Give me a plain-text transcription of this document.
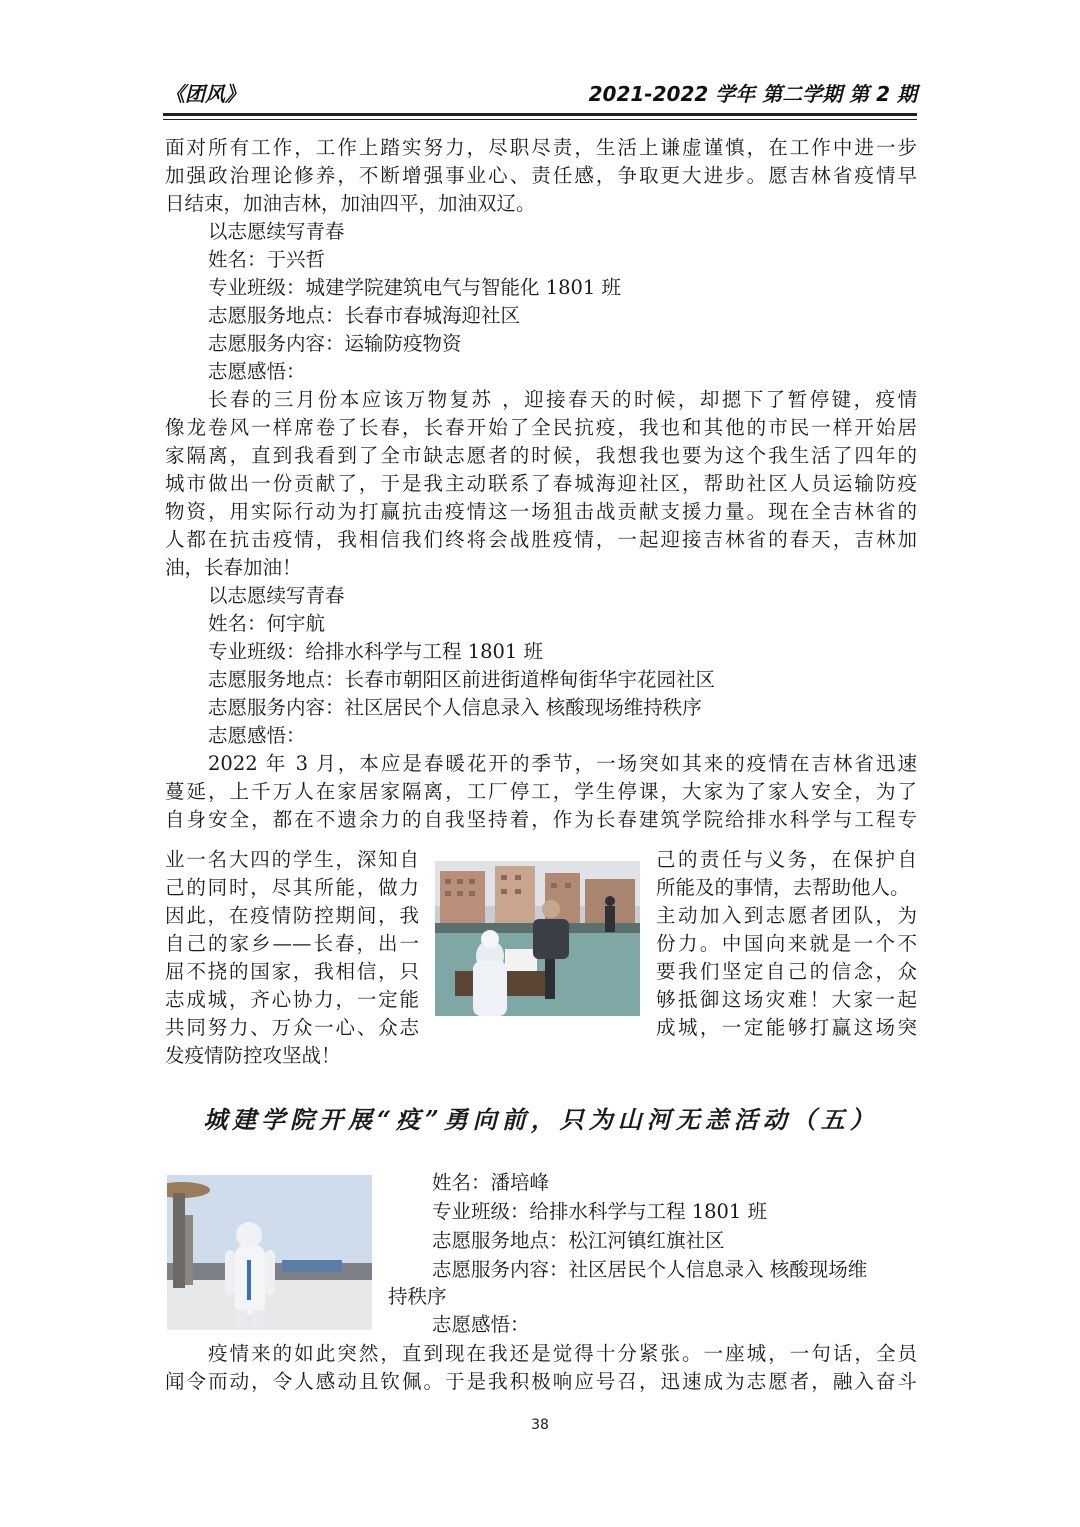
《团风》	2021-2022 学年 第二学期 第 2 期
面对所有工作，工作上踏实努力，尽职尽责，生活上谦虚谨慎，在工作中进一步
加强政治理论修养，不断增强事业心、责任感，争取更大进步。愿吉林省疫情早
日结束，加油吉林，加油四平，加油双辽。
以志愿续写青春
姓名：于兴哲
专业班级：城建学院建筑电气与智能化 1801 班
志愿服务地点：长春市春城海迎社区
志愿服务内容：运输防疫物资
志愿感悟：
长春的三月份本应该万物复苏 ，迎接春天的时候，却摁下了暂停键，疫情
像龙卷风一样席卷了长春，长春开始了全民抗疫，我也和其他的市民一样开始居
家隔离，直到我看到了全市缺志愿者的时候，我想我也要为这个我生活了四年的
城市做出一份贡献了，于是我主动联系了春城海迎社区，帮助社区人员运输防疫
物资，用实际行动为打赢抗击疫情这一场狙击战贡献支援力量。现在全吉林省的
人都在抗击疫情，我相信我们终将会战胜疫情，一起迎接吉林省的春天，吉林加
油，长春加油！
以志愿续写青春
姓名：何宇航
专业班级：给排水科学与工程 1801 班
志愿服务地点：长春市朝阳区前进街道桦甸街华宇花园社区
志愿服务内容：社区居民个人信息录入 核酸现场维持秩序
志愿感悟：
2022 年 3 月，本应是春暖花开的季节，一场突如其来的疫情在吉林省迅速
蔓延，上千万人在家居家隔离，工厂停工，学生停课，大家为了家人安全，为了
自身安全，都在不遗余力的自我坚持着，作为长春建筑学院给排水科学与工程专
业一名大四的学生，深知自
己的同时，尽其所能，做力
因此，在疫情防控期间，我
自己的家乡——长春，出一
屈不挠的国家，我相信，只
志成城，齐心协力，一定能
共同努力、万众一心、众志
己的责任与义务，在保护自
所能及的事情，去帮助他人。
主动加入到志愿者团队，为
份力。中国向来就是一个不
要我们坚定自己的信念，众
够抵御这场灾难！大家一起
成城，一定能够打赢这场突
发疫情防控攻坚战！
城建学院开展“疫”勇向前，只为山河无恙活动（五）
姓名：潘培峰
专业班级：给排水科学与工程 1801 班
志愿服务地点：松江河镇红旗社区
志愿服务内容：社区居民个人信息录入 核酸现场维
持秩序
志愿感悟：
疫情来的如此突然，直到现在我还是觉得十分紧张。一座城，一句话，全员
闻令而动，令人感动且钦佩。于是我积极响应号召，迅速成为志愿者，融入奋斗
38
